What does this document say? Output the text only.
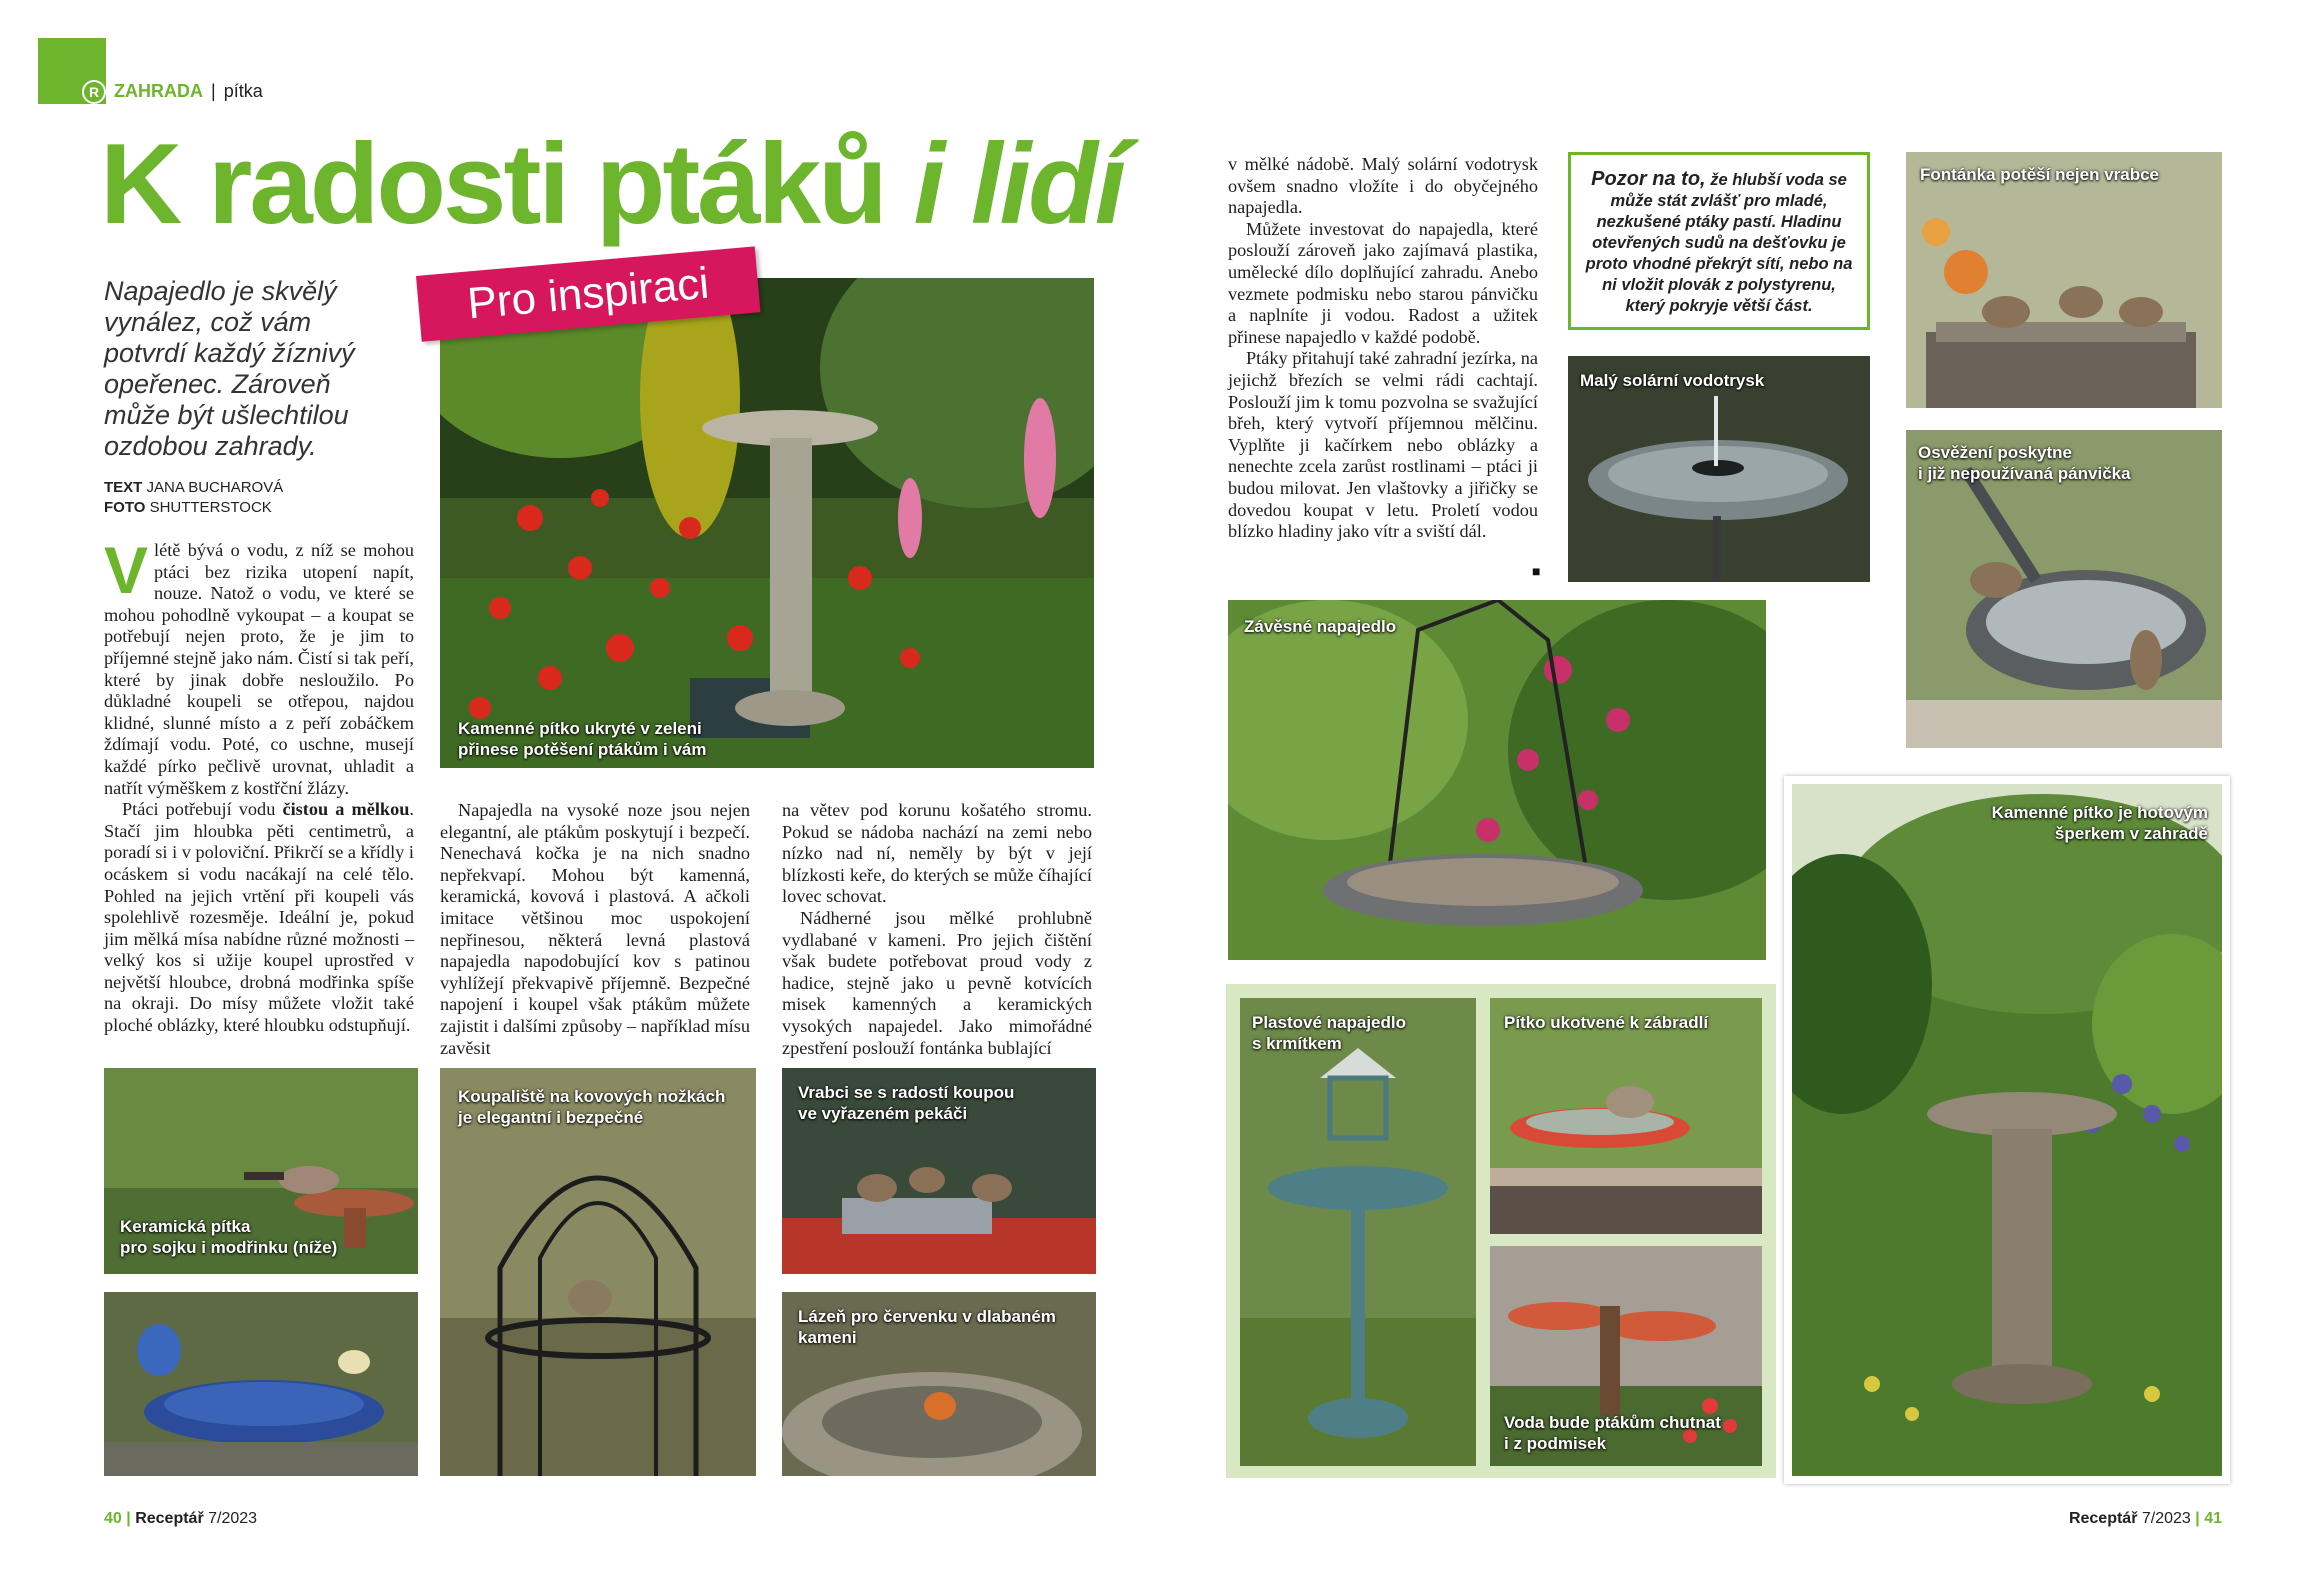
R ZAHRADA | pítka
K radosti ptáků i lidí
Napajedlo je skvělý vynález, což vám potvrdí každý žíznivý opeřenec. Zároveň může být ušlechtilou ozdobou zahrady.
TEXT JANA BUCHAROVÁ
FOTO SHUTTERSTOCK
Kamenné pítko ukryté v zeleni
přinese potěšení ptákům i vám
Pro inspiraci

Vlétě bývá o vodu, z níž se mohou ptáci bez rizika utopení napít, nouze. Natož o vodu, ve které se mohou pohodlně vykoupat – a koupat se potřebují nejen proto, že je jim to příjemné stejně jako nám. Čistí si tak peří, které by jinak dobře nesloužilo. Po důkladné koupeli se otřepou, najdou klidné, slunné místo a z peří zobáčkem ždímají vodu. Poté, co uschne, musejí každé pírko pečlivě urovnat, uhladit a natřít výměškem z kostřční žlázy.

Ptáci potřebují vodu čistou a mělkou. Stačí jim hloubka pěti centimetrů, a poradí si i v poloviční. Přikrčí se a křídly i ocáskem si vodu nacákají na celé tělo. Pohled na jejich vrtění při koupeli vás spolehlivě rozesměje. Ideální je, pokud jim mělká mísa nabídne různé možnosti – velký kos si užije koupel uprostřed v největší hloubce, drobná modřinka spíše na okraji. Do mísy můžete vložit také ploché oblázky, které hloubku odstupňují.

Napajedla na vysoké noze jsou nejen elegantní, ale ptákům poskytují i bezpečí. Nenechavá kočka je na nich snadno nepřekvapí. Mohou být kamenná, keramická, kovová i plastová. A ačkoli imitace většinou moc uspokojení nepřinesou, některá levná plastová napajedla napodobující kov s patinou vyhlížejí překvapivě příjemně. Bezpečné napojení i koupel však ptákům můžete zajistit i dalšími způsoby – například mísu zavěsit

na větev pod korunu košatého stromu. Pokud se nádoba nachází na zemi nebo nízko nad ní, neměly by být v její blízkosti keře, do kterých se může číhající lovec schovat.

Nádherné jsou mělké prohlubně vydlabané v kameni. Pro jejich čištění však budete potřebovat proud vody z hadice, stejně jako u pevně kotvících misek kamenných a keramických vysokých napajedel. Jako mimořádné zpestření poslouží fontánka bublající

v mělké nádobě. Malý solární vodotrysk ovšem snadno vložíte i do obyčejného napajedla.

Můžete investovat do napajedla, které poslouží zároveň jako zajímavá plastika, umělecké dílo doplňující zahradu. Anebo vezmete podmisku nebo starou pánvičku a naplníte ji vodou. Radost a užitek přinese napajedlo v každé podobě.

Ptáky přitahují také zahradní jezírka, na jejichž březích se velmi rádi cachtají. Poslouží jim k tomu pozvolna se svažující břeh, který vytvoří příjemnou mělčinu. Vyplňte ji kačírkem nebo oblázky a nenechte zcela zarůst rostlinami – ptáci ji budou milovat. Jen vlaštovky a jiřičky se dovedou koupat v letu. Proletí vodou blízko hladiny jako vítr a sviští dál.

■
Keramická pítka
pro sojku i modřinku (níže)
Koupaliště na kovových nožkách
je elegantní i bezpečné
Vrabci se s radostí koupou
ve vyřazeném pekáči
Lázeň pro červenku v dlabaném
kameni
Pozor na to, že hlubší voda se může stát zvlášť pro mladé, nezkušené ptáky pastí. Hladinu otevřených sudů na dešťovku je proto vhodné překrýt sítí, nebo na ni vložit plovák z polystyrenu, který pokryje větší část.
Fontánka potěší nejen vrabce
Malý solární vodotrysk
Osvěžení poskytne
i již nepoužívaná pánvička
Závěsné napajedlo
Plastové napajedlo
s krmítkem
Pítko ukotvené k zábradlí
Voda bude ptákům chutnat
i z podmisek
Kamenné pítko je hotovým
šperkem v zahradě
40 | Receptář 7/2023	Receptář 7/2023 | 41
